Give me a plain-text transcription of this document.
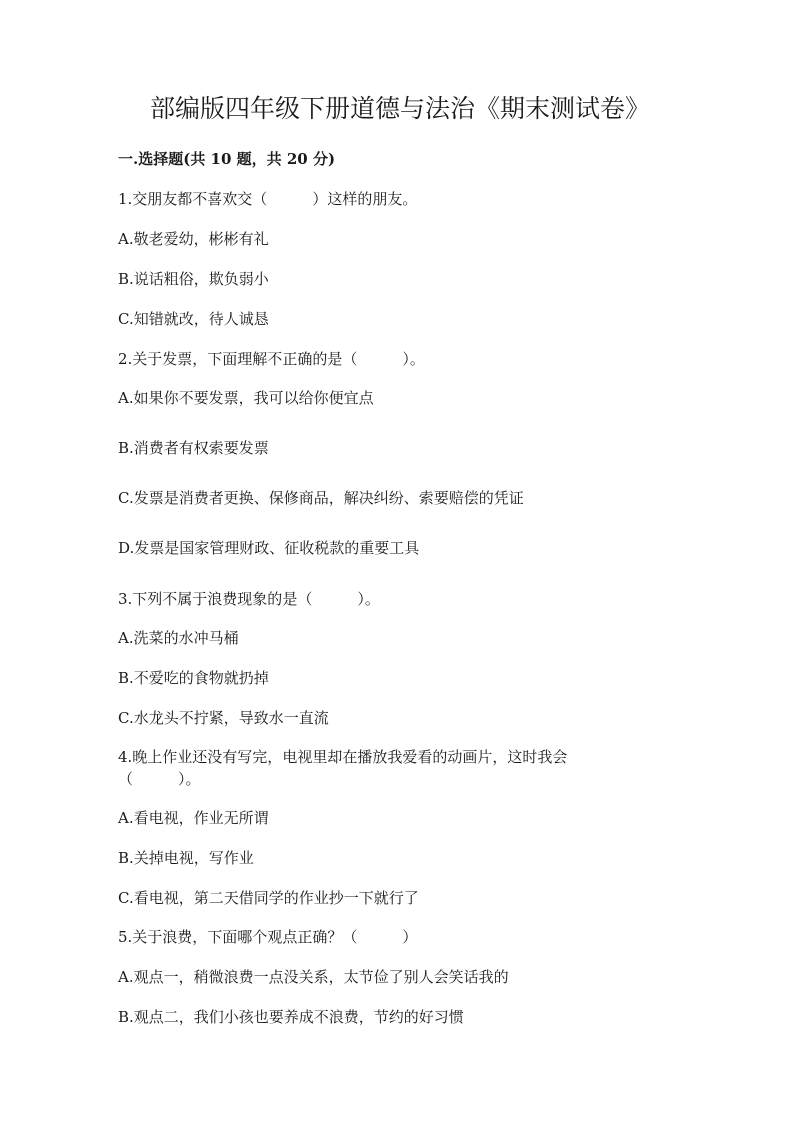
部编版四年级下册道德与法治《期末测试卷》
一.选择题(共 10 题，共 20 分)
1.交朋友都不喜欢交（　　　）这样的朋友。
A.敬老爱幼，彬彬有礼
B.说话粗俗，欺负弱小
C.知错就改，待人诚恳
2.关于发票，下面理解不正确的是（　　　）。
A.如果你不要发票，我可以给你便宜点
B.消费者有权索要发票
C.发票是消费者更换、保修商品，解决纠纷、索要赔偿的凭证
D.发票是国家管理财政、征收税款的重要工具
3.下列不属于浪费现象的是（　　　）。
A.洗菜的水冲马桶
B.不爱吃的食物就扔掉
C.水龙头不拧紧，导致水一直流
4.晚上作业还没有写完，电视里却在播放我爱看的动画片，这时我会
（　　　）。
A.看电视，作业无所谓
B.关掉电视，写作业
C.看电视，第二天借同学的作业抄一下就行了
5.关于浪费，下面哪个观点正确？（　　　）
A.观点一，稍微浪费一点没关系，太节俭了别人会笑话我的
B.观点二，我们小孩也要养成不浪费，节约的好习惯
